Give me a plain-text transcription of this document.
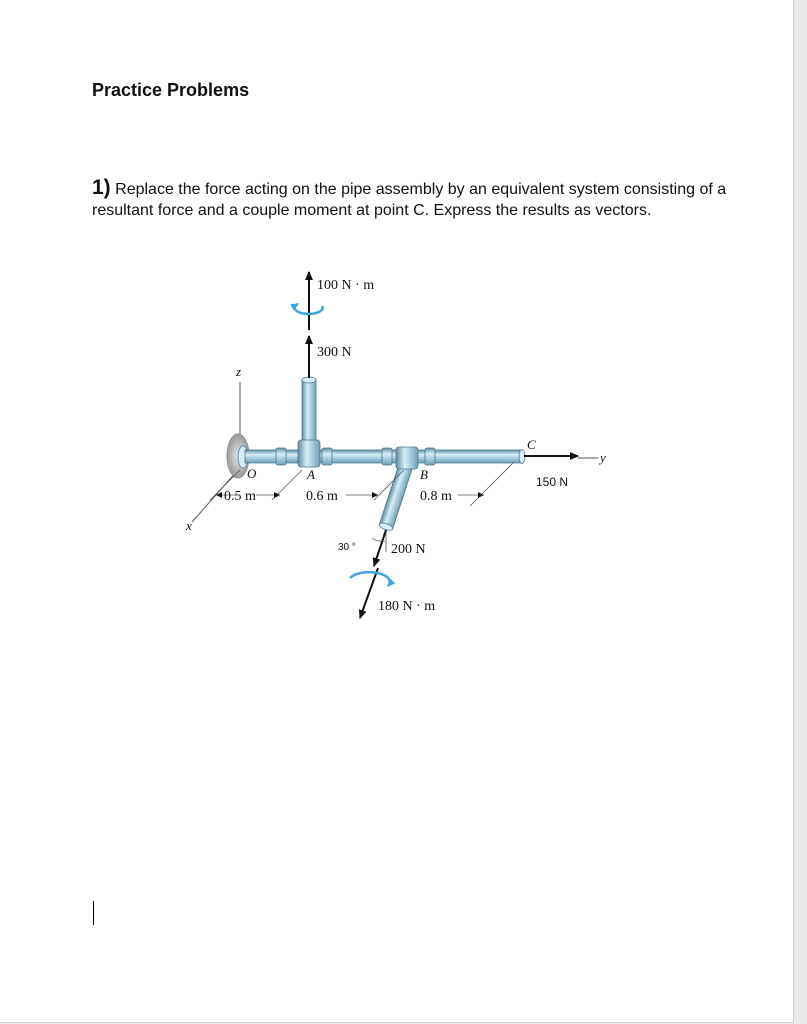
Practice Problems
1) Replace the force acting on the pipe assembly by an equivalent system consisting of a resultant force and a couple moment at point C. Express the results as vectors.
100 N · m
300 N
z
O	A	B
C
y
150 N
0.5 m	0.6 m	0.8 m
x
30 °	200 N
180 N · m
